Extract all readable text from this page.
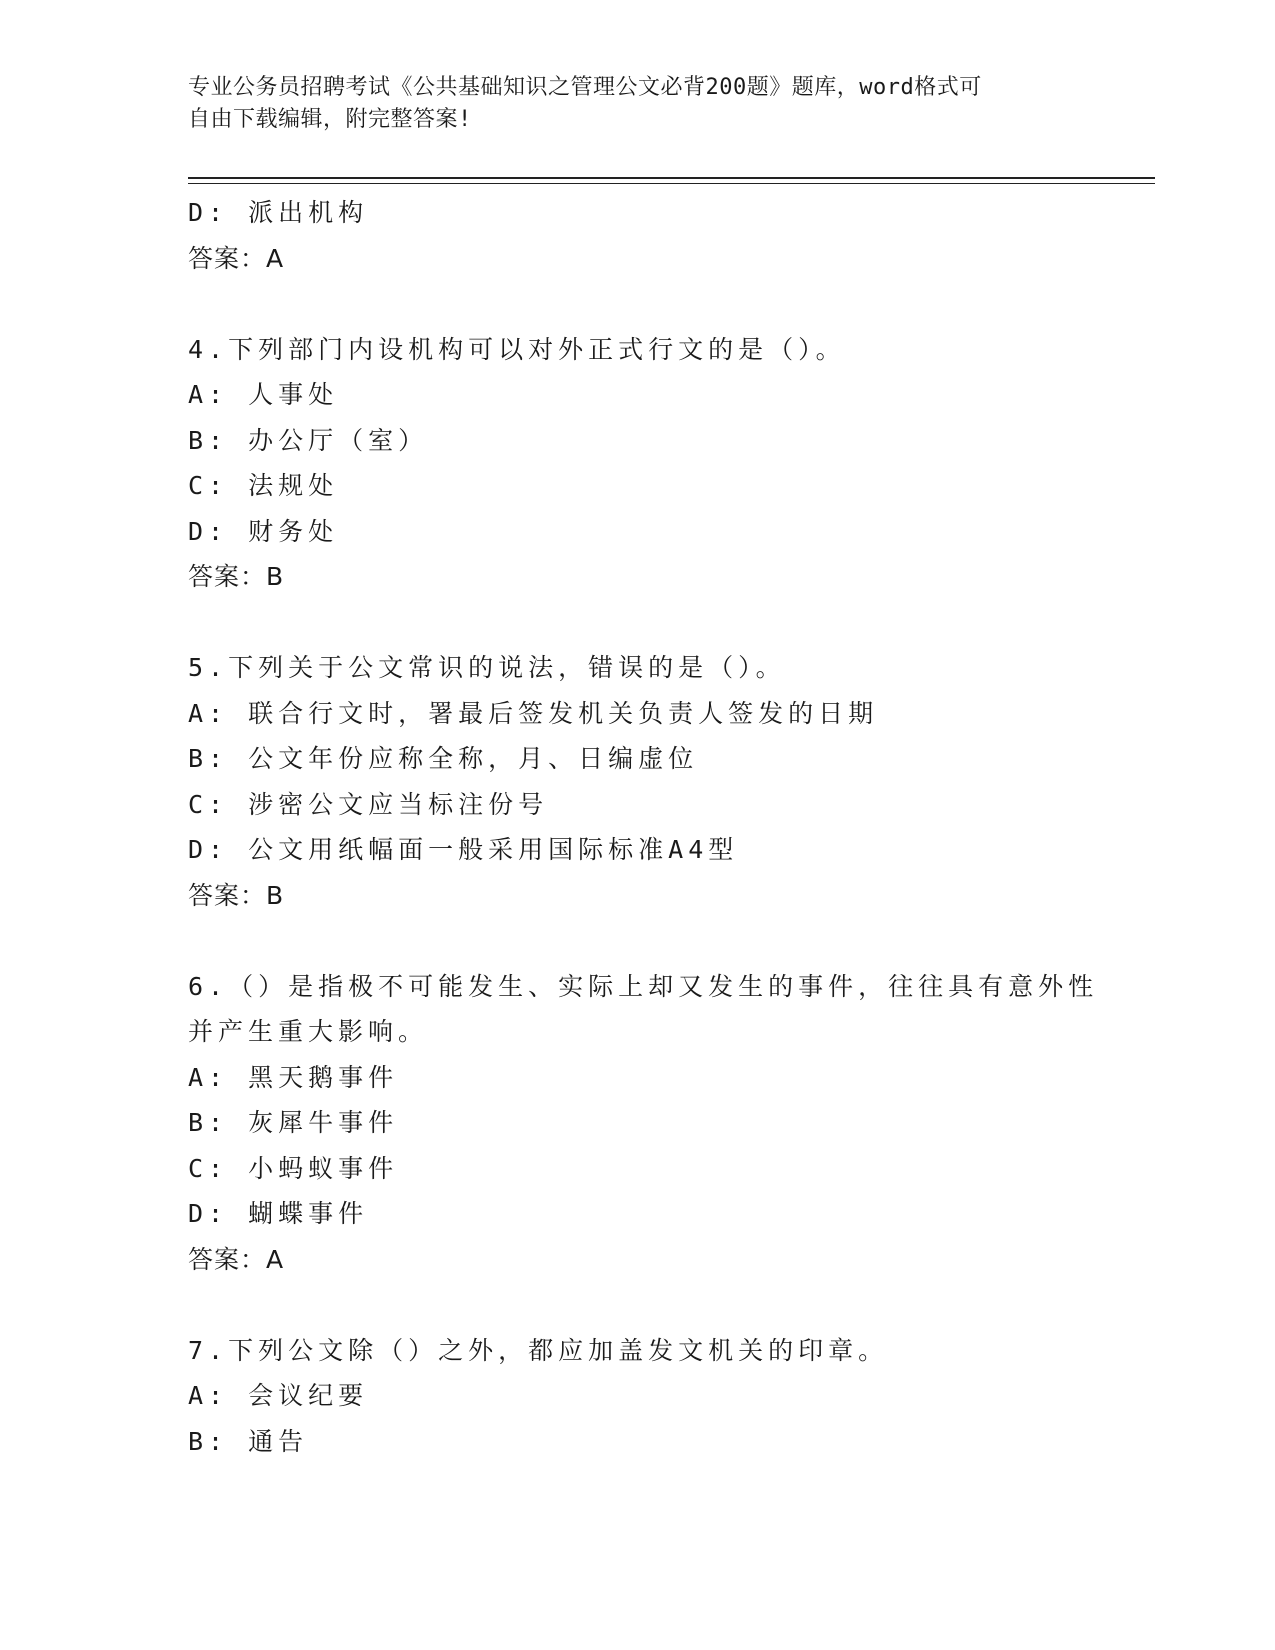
专业公务员招聘考试《公共基础知识之管理公文必背200题》题库，word格式可
自由下载编辑，附完整答案!
D: 派出机构
答案：A
4.下列部门内设机构可以对外正式行文的是（）。
A: 人事处
B: 办公厅（室）
C: 法规处
D: 财务处
答案：B
5.下列关于公文常识的说法，错误的是（）。
A: 联合行文时，署最后签发机关负责人签发的日期
B: 公文年份应称全称，月、日编虚位
C: 涉密公文应当标注份号
D: 公文用纸幅面一般采用国际标准A4型
答案：B
6.（）是指极不可能发生、实际上却又发生的事件，往往具有意外性
并产生重大影响。
A: 黑天鹅事件
B: 灰犀牛事件
C: 小蚂蚁事件
D: 蝴蝶事件
答案：A
7.下列公文除（）之外，都应加盖发文机关的印章。
A: 会议纪要
B: 通告
